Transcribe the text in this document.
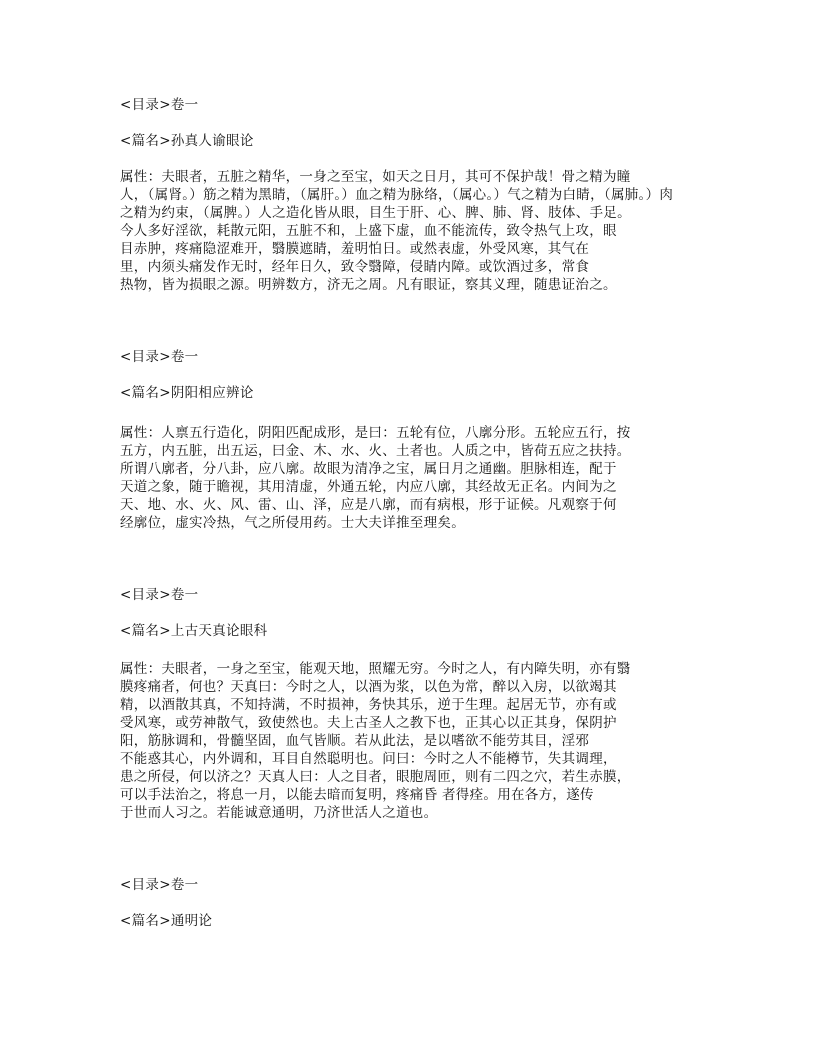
<目录>卷一
<篇名>孙真人谕眼论
属性：夫眼者，五脏之精华，一身之至宝，如天之日月，其可不保护哉！骨之精为瞳
人，（属肾。）筋之精为黑睛，（属肝。）血之精为脉络，（属心。）气之精为白睛，（属肺。）肉
之精为约束，（属脾。）人之造化皆从眼，目生于肝、心、脾、肺、肾、肢体、手足。
今人多好淫欲，耗散元阳，五脏不和，上盛下虚，血不能流传，致令热气上攻，眼
目赤肿，疼痛隐涩难开，翳膜遮睛，羞明怕日。或然表虚，外受风寒，其气在
里，内须头痛发作无时，经年日久，致令翳障，侵睛内障。或饮酒过多，常食
热物，皆为损眼之源。明辨数方，济无之周。凡有眼证，察其义理，随患证治之。
<目录>卷一
<篇名>阴阳相应辨论
属性：人禀五行造化，阴阳匹配成形，是曰：五轮有位，八廓分形。五轮应五行，按
五方，内五脏，出五运，曰金、木、水、火、土者也。人质之中，皆荷五应之扶持。
所谓八廓者，分八卦，应八廓。故眼为清净之宝，属日月之通幽。胆脉相连，配于
天道之象，随于瞻视，其用清虚，外通五轮，内应八廓，其经故无正名。内间为之
天、地、水、火、风、雷、山、泽，应是八廓，而有病根，形于证候。凡观察于何
经廓位，虚实冷热，气之所侵用药。士大夫详推至理矣。
<目录>卷一
<篇名>上古天真论眼科
属性：夫眼者，一身之至宝，能观天地，照耀无穷。今时之人，有内障失明，亦有翳
膜疼痛者，何也？天真曰：今时之人，以酒为浆，以色为常，醉以入房，以欲竭其
精，以酒散其真，不知持满，不时损神，务快其乐，逆于生理。起居无节，亦有或
受风寒，或劳神散气，致使然也。夫上古圣人之教下也，正其心以正其身，保阴护
阳，筋脉调和，骨髓坚固，血气皆顺。若从此法，是以嗜欲不能劳其目，淫邪
不能惑其心，内外调和，耳目自然聪明也。问曰：今时之人不能樽节，失其调理，
患之所侵，何以济之？天真人曰：人之目者，眼胞周匝，则有二四之穴，若生赤膜，
可以手法治之，将息一月，以能去暗而复明，疼痛昏 者得痊。用在各方，遂传
于世而人习之。若能诚意通明，乃济世活人之道也。
<目录>卷一
<篇名>通明论
